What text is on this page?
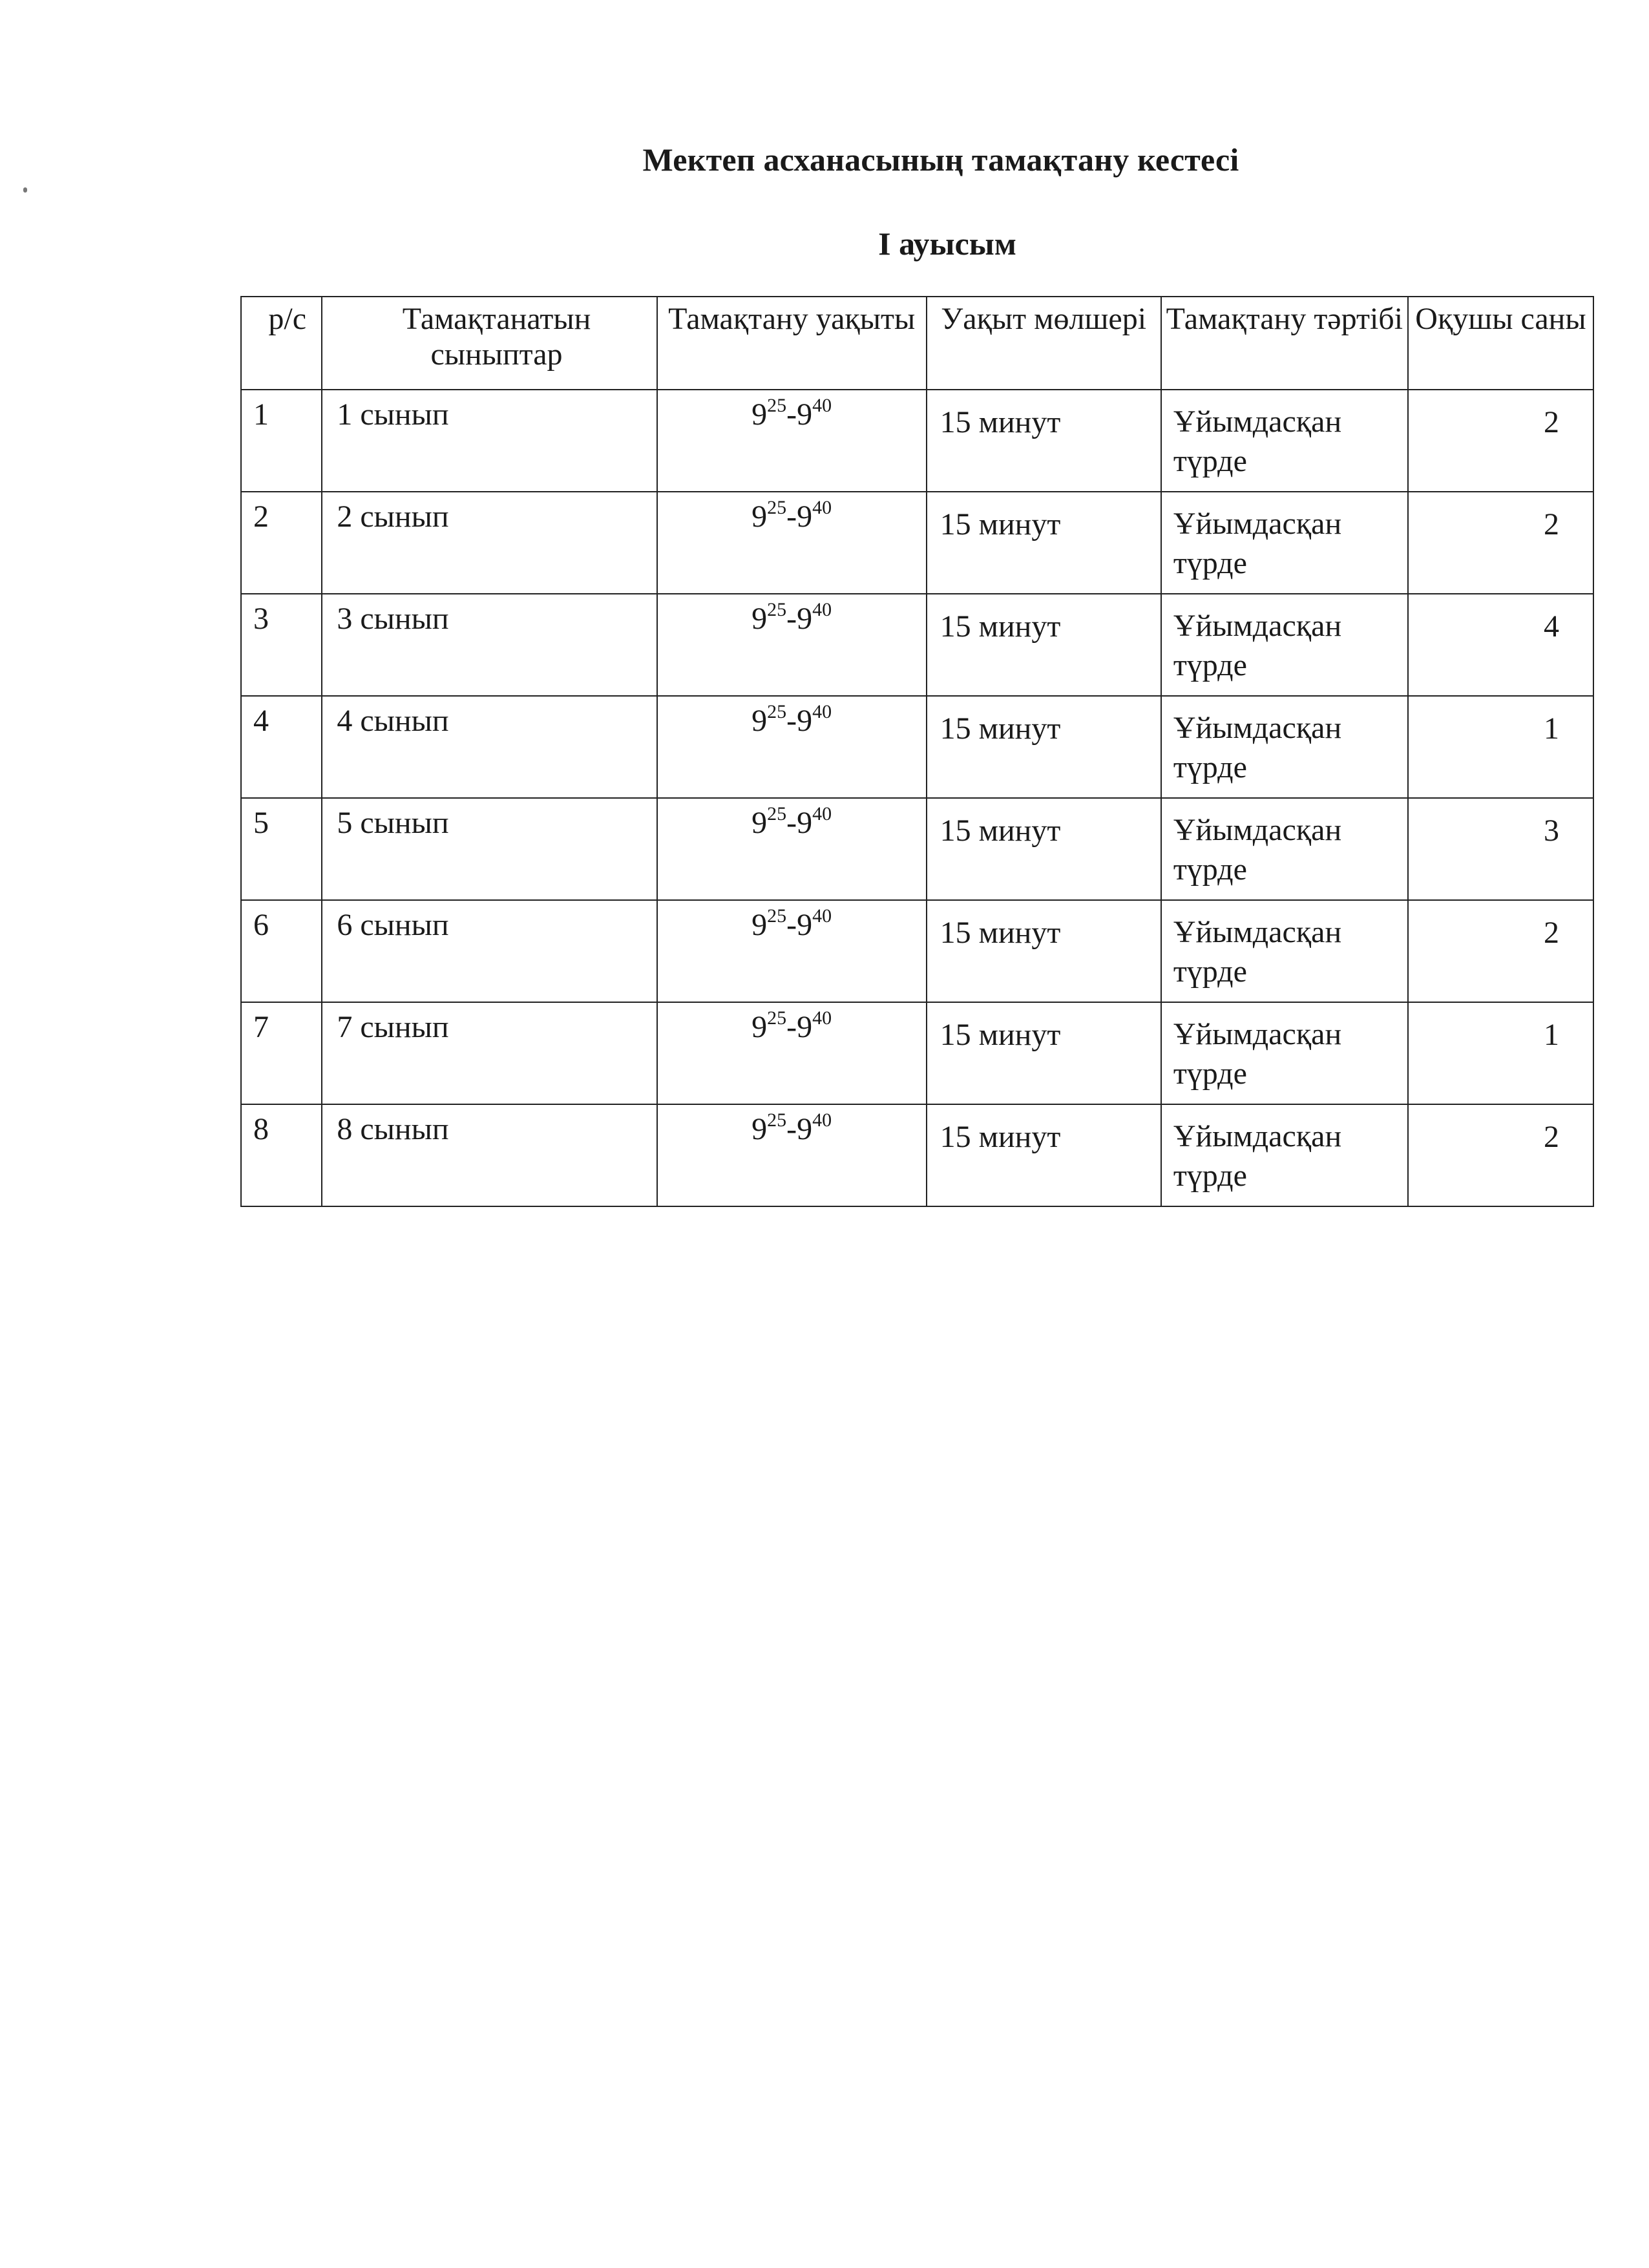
Мектеп асханасының тамақтану кестесі
І ауысым
р/с	Тамақтанатын сыныптар	Тамақтану уақыты	Уақыт мөлшері	Тамақтану тәртібі	Оқушы саны
1	1 сынып	$9^{25}-9^{40}$	15 минут	Ұйымдасқан түрде	2
2	2 сынып	$9^{25}-9^{40}$	15 минут	Ұйымдасқан түрде	2
3	3 сынып	$9^{25}-9^{40}$	15 минут	Ұйымдасқан түрде	4
4	4 сынып	$9^{25}-9^{40}$	15 минут	Ұйымдасқан түрде	1
5	5 сынып	$9^{25}-9^{40}$	15 минут	Ұйымдасқан түрде	3
6	6 сынып	$9^{25}-9^{40}$	15 минут	Ұйымдасқан түрде	2
7	7 сынып	$9^{25}-9^{40}$	15 минут	Ұйымдасқан түрде	1
8	8 сынып	$9^{25}-9^{40}$	15 минут	Ұйымдасқан түрде	2
